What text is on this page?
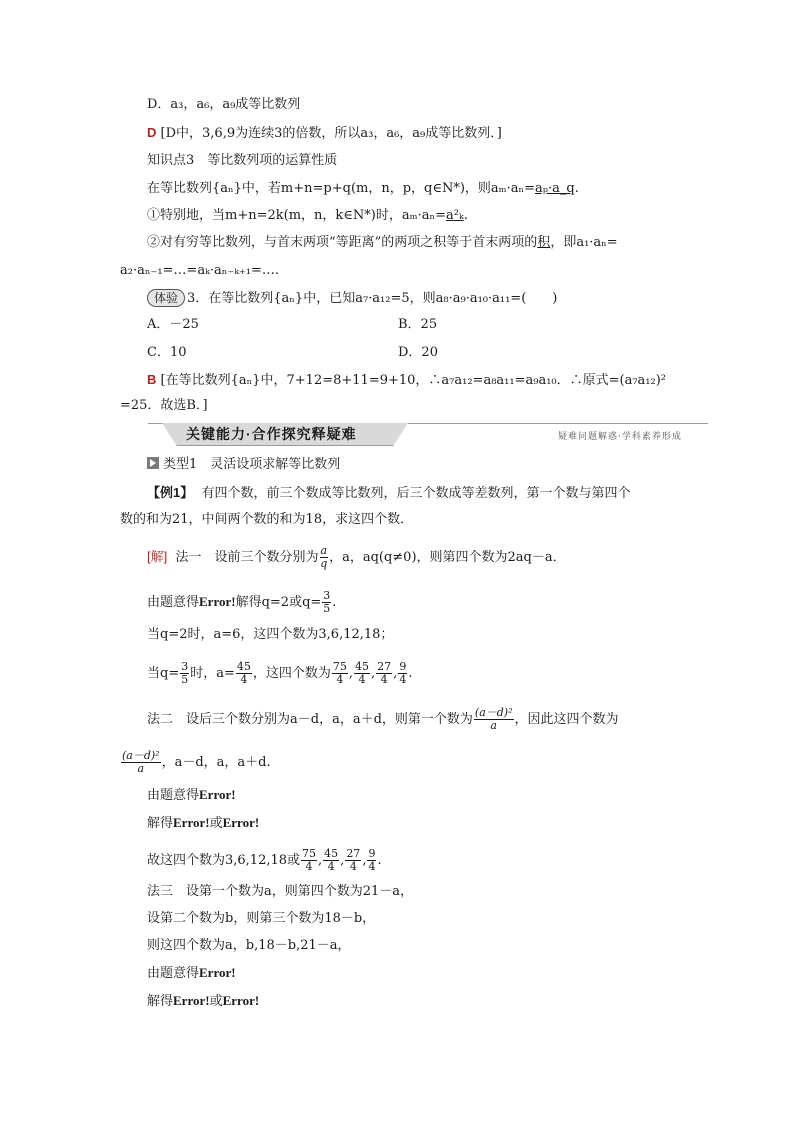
D．a₃，a₆，a₉成等比数列
D [D中，3,6,9为连续3的倍数，所以a₃，a₆，a₉成等比数列．]
知识点3　等比数列项的运算性质
在等比数列{aₙ}中，若m+n=p+q(m，n，p，q∈N*)，则aₘ·aₙ=aₚ·a_q.
①特别地，当m+n=2k(m，n，k∈N*)时，aₘ·aₙ=a²ₖ.
②对有穷等比数列，与首末两项“等距离”的两项之积等于首末两项的积，即a₁·aₙ=
a₂·aₙ₋₁=…=aₖ·aₙ₋ₖ₊₁=….
体验 3．在等比数列{aₙ}中，已知a₇·a₁₂=5，则a₈·a₉·a₁₀·a₁₁=(　　)
A．－25	B．25
C．10	D．20
B [在等比数列{aₙ}中，7+12=8+11=9+10，∴a₇a₁₂=a₈a₁₁=a₉a₁₀．∴原式=(a₇a₁₂)²
=25．故选B．]
关键能力·合作探究释疑难	疑难问题解惑·学科素养形成
类型1　灵活设项求解等比数列
【例1】 有四个数，前三个数成等比数列，后三个数成等差数列，第一个数与第四个
数的和为21，中间两个数的和为18，求这四个数．
[解] 法一　设前三个数分别为 $\frac{a}{q}$ ，a，aq(q≠0)，则第四个数为2aq－a．
由题意得Error!解得q=2或$q= \frac{3}{5}$ .
当q=2时，a=6，这四个数为3,6,12,18；
当$q= \frac{3}{5}$ 时，$a= \frac{45}{4}$ ，这四个数为 $\frac{75}{4}$ , $\frac{45}{4}$ , $\frac{27}{4}$ , $\frac{9}{4}$ .
法二　设后三个数分别为a－d，a，a＋d，则第一个数为 $\frac{\text{(a－d)²}}{a}$ ，因此这四个数为
$\frac{\text{(a－d)²}}{a}$ ，a－d，a，a＋d.
由题意得Error!
解得Error!或Error!
故这四个数为3,6,12,18或 $\frac{75}{4}$ , $\frac{45}{4}$ , $\frac{27}{4}$ , $\frac{9}{4}$ .
法三　设第一个数为a，则第四个数为21－a，
设第二个数为b，则第三个数为18－b，
则这四个数为a，b,18－b,21－a，
由题意得Error!
解得Error!或Error!
